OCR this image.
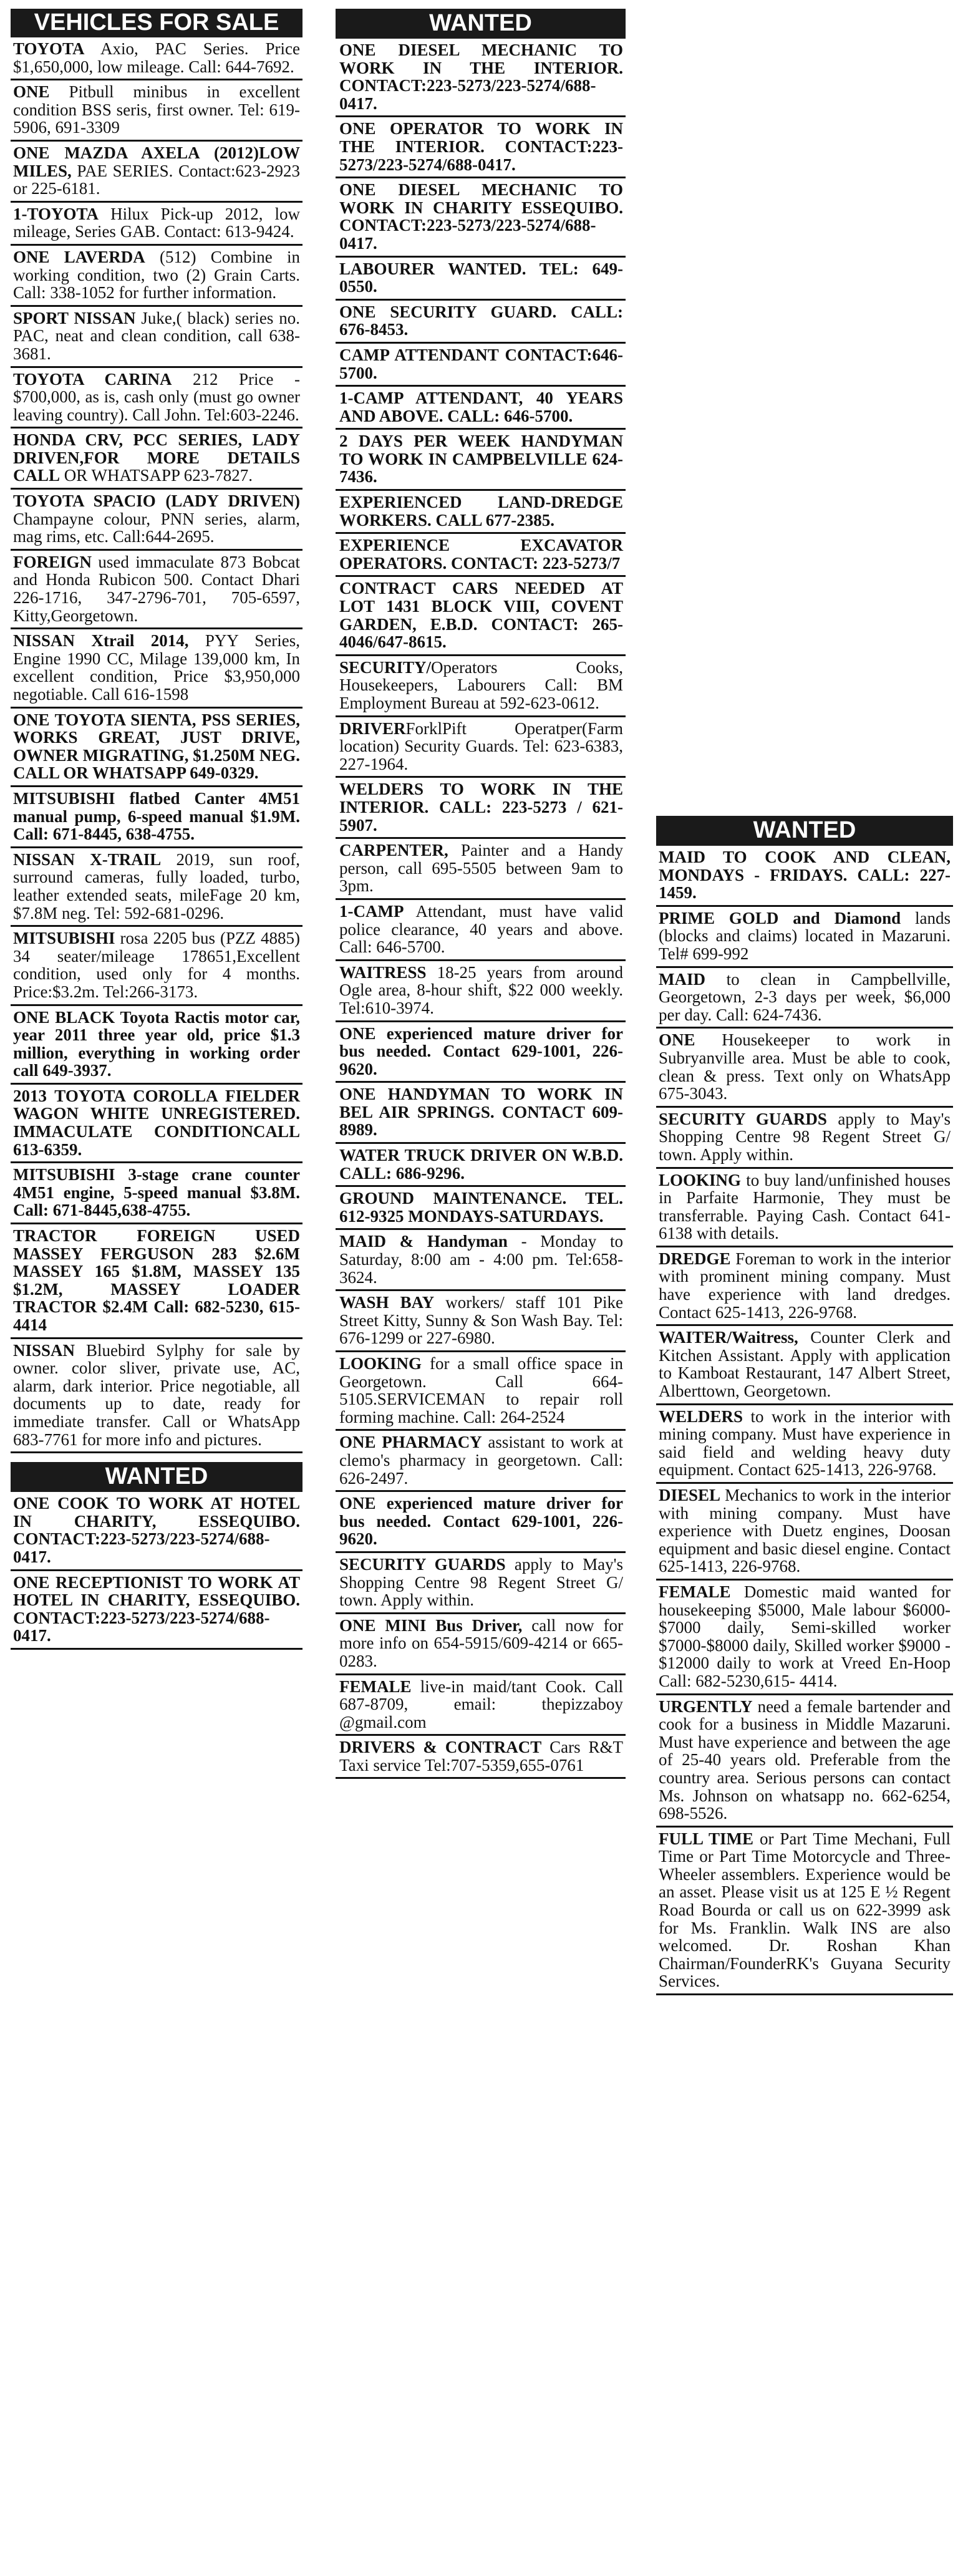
VEHICLES FOR SALE
TOYOTA Axio, PAC Series. Price $1,650,000, low mileage. Call: 644-7692.
ONE Pitbull minibus in excellent condition BSS seris, first owner. Tel: 619-5906, 691-3309
ONE MAZDA AXELA (2012)LOW MILES, PAE SERIES. Contact:623-2923 or 225-6181.
1-TOYOTA Hilux Pick-up 2012, low mileage, Series GAB. Contact: 613-9424.
ONE LAVERDA (512) Combine in working condition, two (2) Grain Carts. Call: 338-1052 for further information.
SPORT NISSAN Juke,( black) series no. PAC, neat and clean condition, call 638-3681.
TOYOTA CARINA 212 Price - $700,000, as is, cash only (must go owner leaving country). Call John. Tel:603-2246.
HONDA CRV, PCC SERIES, LADY DRIVEN,FOR MORE DETAILS CALL OR WHATSAPP 623-7827.
TOYOTA SPACIO (LADY DRIVEN) Champayne colour, PNN series, alarm, mag rims, etc. Call:644-2695.
FOREIGN used immaculate 873 Bobcat and Honda Rubicon 500. Contact Dhari 226-1716, 347-2796-701, 705-6597, Kitty,Georgetown.
NISSAN Xtrail 2014, PYY Series, Engine 1990 CC, Milage 139,000 km, In excellent condition, Price $3,950,000 negotiable. Call 616-1598
ONE TOYOTA SIENTA, PSS SERIES, WORKS GREAT, JUST DRIVE, OWNER MIGRATING, $1.250M NEG. CALL OR WHATSAPP 649-0329.
MITSUBISHI flatbed Canter 4M51 manual pump, 6-speed manual $1.9M. Call: 671-8445, 638-4755.
NISSAN X-TRAIL 2019, sun roof, surround cameras, fully loaded, turbo, leather extended seats, mileFage 20 km, $7.8M neg. Tel: 592-681-0296.
MITSUBISHI rosa 2205 bus (PZZ 4885) 34 seater/mileage 178651,Excellent condition, used only for 4 months. Price:$3.2m. Tel:266-3173.
ONE BLACK Toyota Ractis motor car, year 2011 three year old, price $1.3 million, everything in working order call 649-3937.
2013 TOYOTA COROLLA FIELDER WAGON WHITE UNREGISTERED. IMMACULATE CONDITIONCALL 613-6359.
MITSUBISHI 3-stage crane counter 4M51 engine, 5-speed manual $3.8M. Call: 671-8445,638-4755.
TRACTOR FOREIGN USED MASSEY FERGUSON 283 $2.6M MASSEY 165 $1.8M, MASSEY 135 $1.2M, MASSEY LOADER TRACTOR $2.4M Call: 682-5230, 615-4414
NISSAN Bluebird Sylphy for sale by owner. color sliver, private use, AC, alarm, dark interior. Price negotiable, all documents up to date, ready for immediate transfer. Call or WhatsApp 683-7761 for more info and pictures.
WANTED
ONE COOK TO WORK AT HOTEL IN CHARITY, ESSEQUIBO. CONTACT:223-5273/223-5274/688-0417.
ONE RECEPTIONIST TO WORK AT HOTEL IN CHARITY, ESSEQUIBO. CONTACT:223-5273/223-5274/688-0417.
WANTED
ONE DIESEL MECHANIC TO WORK IN THE INTERIOR. CONTACT:223-5273/223-5274/688-0417.
ONE OPERATOR TO WORK IN THE INTERIOR. CONTACT:223-5273/223-5274/688-0417.
ONE DIESEL MECHANIC TO WORK IN CHARITY ESSEQUIBO. CONTACT:223-5273/223-5274/688-0417.
LABOURER WANTED. TEL: 649-0550.
ONE SECURITY GUARD. CALL: 676-8453.
CAMP ATTENDANT CONTACT:646-5700.
1-CAMP ATTENDANT, 40 YEARS AND ABOVE. CALL: 646-5700.
2 DAYS PER WEEK HANDYMAN TO WORK IN CAMPBELVILLE 624-7436.
EXPERIENCED LAND-DREDGE WORKERS. CALL 677-2385.
EXPERIENCE EXCAVATOR OPERATORS. CONTACT: 223-5273/7
CONTRACT CARS NEEDED AT LOT 1431 BLOCK VIII, COVENT GARDEN, E.B.D. CONTACT: 265-4046/647-8615.
SECURITY/Operators Cooks, Housekeepers, Labourers Call: BM Employment Bureau at 592-623-0612.
DRIVERForklPift Operatper(Farm location) Security Guards. Tel: 623-6383, 227-1964.
WELDERS TO WORK IN THE INTERIOR. CALL: 223-5273 / 621-5907.
CARPENTER, Painter and a Handy person, call 695-5505 between 9am to 3pm.
1-CAMP Attendant, must have valid police clearance, 40 years and above. Call: 646-5700.
WAITRESS 18-25 years from around Ogle area, 8-hour shift, $22 000 weekly. Tel:610-3974.
ONE experienced mature driver for bus needed. Contact 629-1001, 226-9620.
ONE HANDYMAN TO WORK IN BEL AIR SPRINGS. CONTACT 609-8989.
WATER TRUCK DRIVER ON W.B.D. CALL: 686-9296.
GROUND MAINTENANCE. TEL. 612-9325 MONDAYS-SATURDAYS.
MAID & Handyman - Monday to Saturday, 8:00 am - 4:00 pm. Tel:658-3624.
WASH BAY workers/ staff 101 Pike Street Kitty, Sunny & Son Wash Bay. Tel: 676-1299 or 227-6980.
LOOKING for a small office space in Georgetown. Call 664-5105.SERVICEMAN to repair roll forming machine. Call: 264-2524
ONE PHARMACY assistant to work at clemo's pharmacy in georgetown. Call: 626-2497.
ONE experienced mature driver for bus needed. Contact 629-1001, 226-9620.
SECURITY GUARDS apply to May's Shopping Centre 98 Regent Street G/ town. Apply within.
ONE MINI Bus Driver, call now for more info on 654-5915/609-4214 or 665-0283.
FEMALE live-in maid/tant Cook. Call 687-8709, email: thepizzaboy @gmail.com
DRIVERS & CONTRACT Cars R&T Taxi service Tel:707-5359,655-0761
WANTED
MAID TO COOK AND CLEAN, MONDAYS - FRIDAYS. CALL: 227-1459.
PRIME GOLD and Diamond lands (blocks and claims) located in Mazaruni. Tel# 699-992
MAID to clean in Campbellville, Georgetown, 2-3 days per week, $6,000 per day. Call: 624-7436.
ONE Housekeeper to work in Subryanville area. Must be able to cook, clean & press. Text only on WhatsApp 675-3043.
SECURITY GUARDS apply to May's Shopping Centre 98 Regent Street G/ town. Apply within.
LOOKING to buy land/unfinished houses in Parfaite Harmonie, They must be transferrable. Paying Cash. Contact 641-6138 with details.
DREDGE Foreman to work in the interior with prominent mining company. Must have experience with land dredges. Contact 625-1413, 226-9768.
WAITER/Waitress, Counter Clerk and Kitchen Assistant. Apply with application to Kamboat Restaurant, 147 Albert Street, Alberttown, Georgetown.
WELDERS to work in the interior with mining company. Must have experience in said field and welding heavy duty equipment. Contact 625-1413, 226-9768.
DIESEL Mechanics to work in the interior with mining company. Must have experience with Duetz engines, Doosan equipment and basic diesel engine. Contact 625-1413, 226-9768.
FEMALE Domestic maid wanted for housekeeping $5000, Male labour $6000- $7000 daily, Semi-skilled worker $7000-$8000 daily, Skilled worker $9000 - $12000 daily to work at Vreed En-Hoop Call: 682-5230,615- 4414.
URGENTLY need a female bartender and cook for a business in Middle Mazaruni. Must have experience and between the age of 25-40 years old. Preferable from the country area. Serious persons can contact Ms. Johnson on whatsapp no. 662-6254, 698-5526.
FULL TIME or Part Time Mechani, Full Time or Part Time Motorcycle and Three-Wheeler assemblers. Experience would be an asset. Please visit us at 125 E ½ Regent Road Bourda or call us on 622-3999 ask for Ms. Franklin. Walk INS are also welcomed. Dr. Roshan Khan Chairman/FounderRK's Guyana Security Services.
